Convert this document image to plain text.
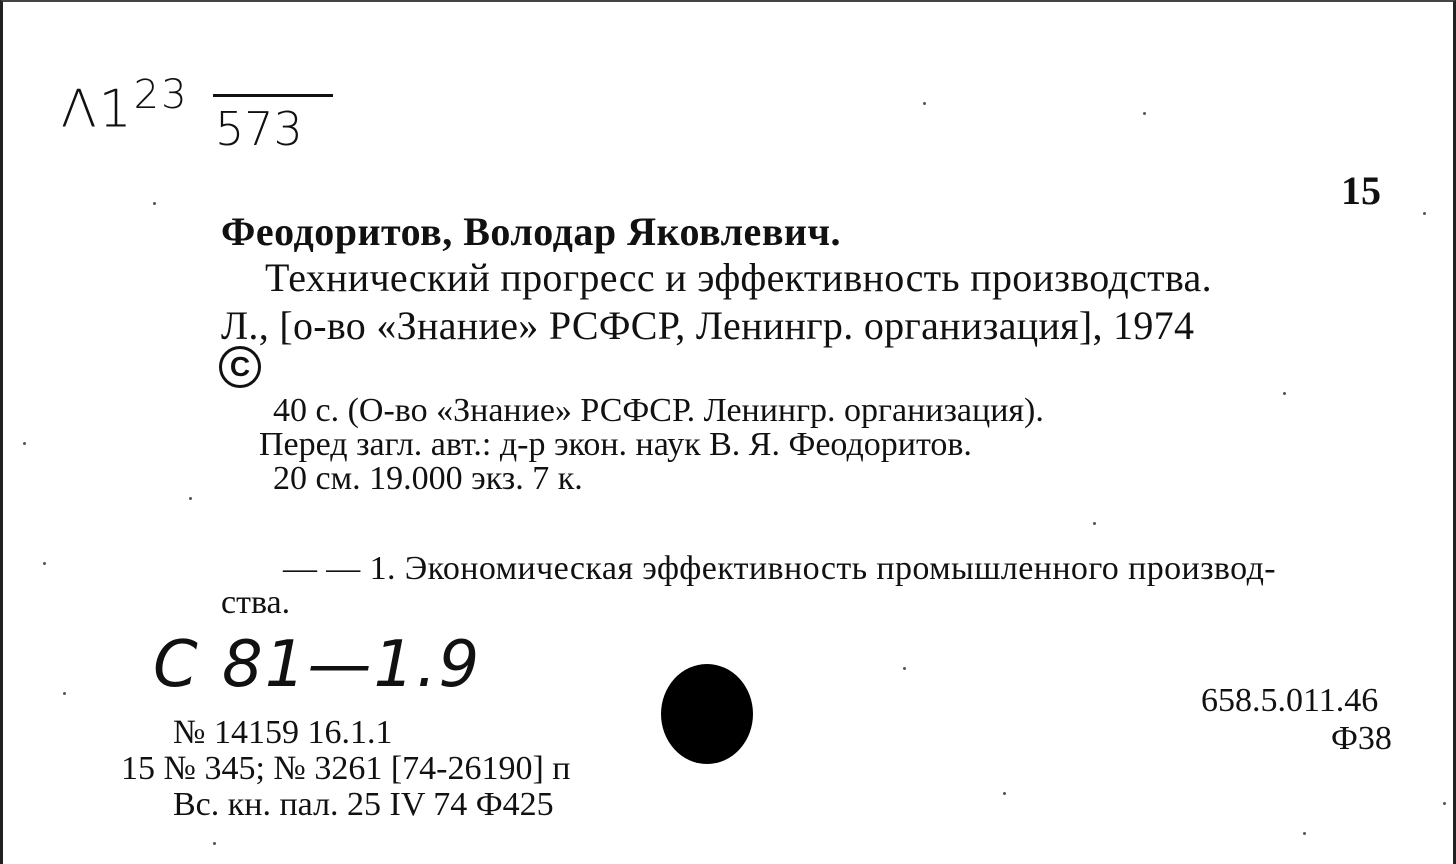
$\Lambda 1^{23}$
573
15
Феодоритов, Володар Яковлевич.
Технический прогресс и эффективность производства.
Л., [о-во «Знание» РСФСР, Ленингр. организация], 1974
C
40 с. (О-во «Знание» РСФСР. Ленингр. организация).
Перед загл. авт.: д-р экон. наук В. Я. Феодоритов.
20 см. 19.000 экз. 7 к.
— — 1. Экономическая эффективность промышленного производ-
ства.
С 81—1.9	658.5.011.46
Ф38
№ 14159 16.1.1
15 № 345; № 3261 [74-26190] п
Вс. кн. пал. 25 IV 74 Ф425
